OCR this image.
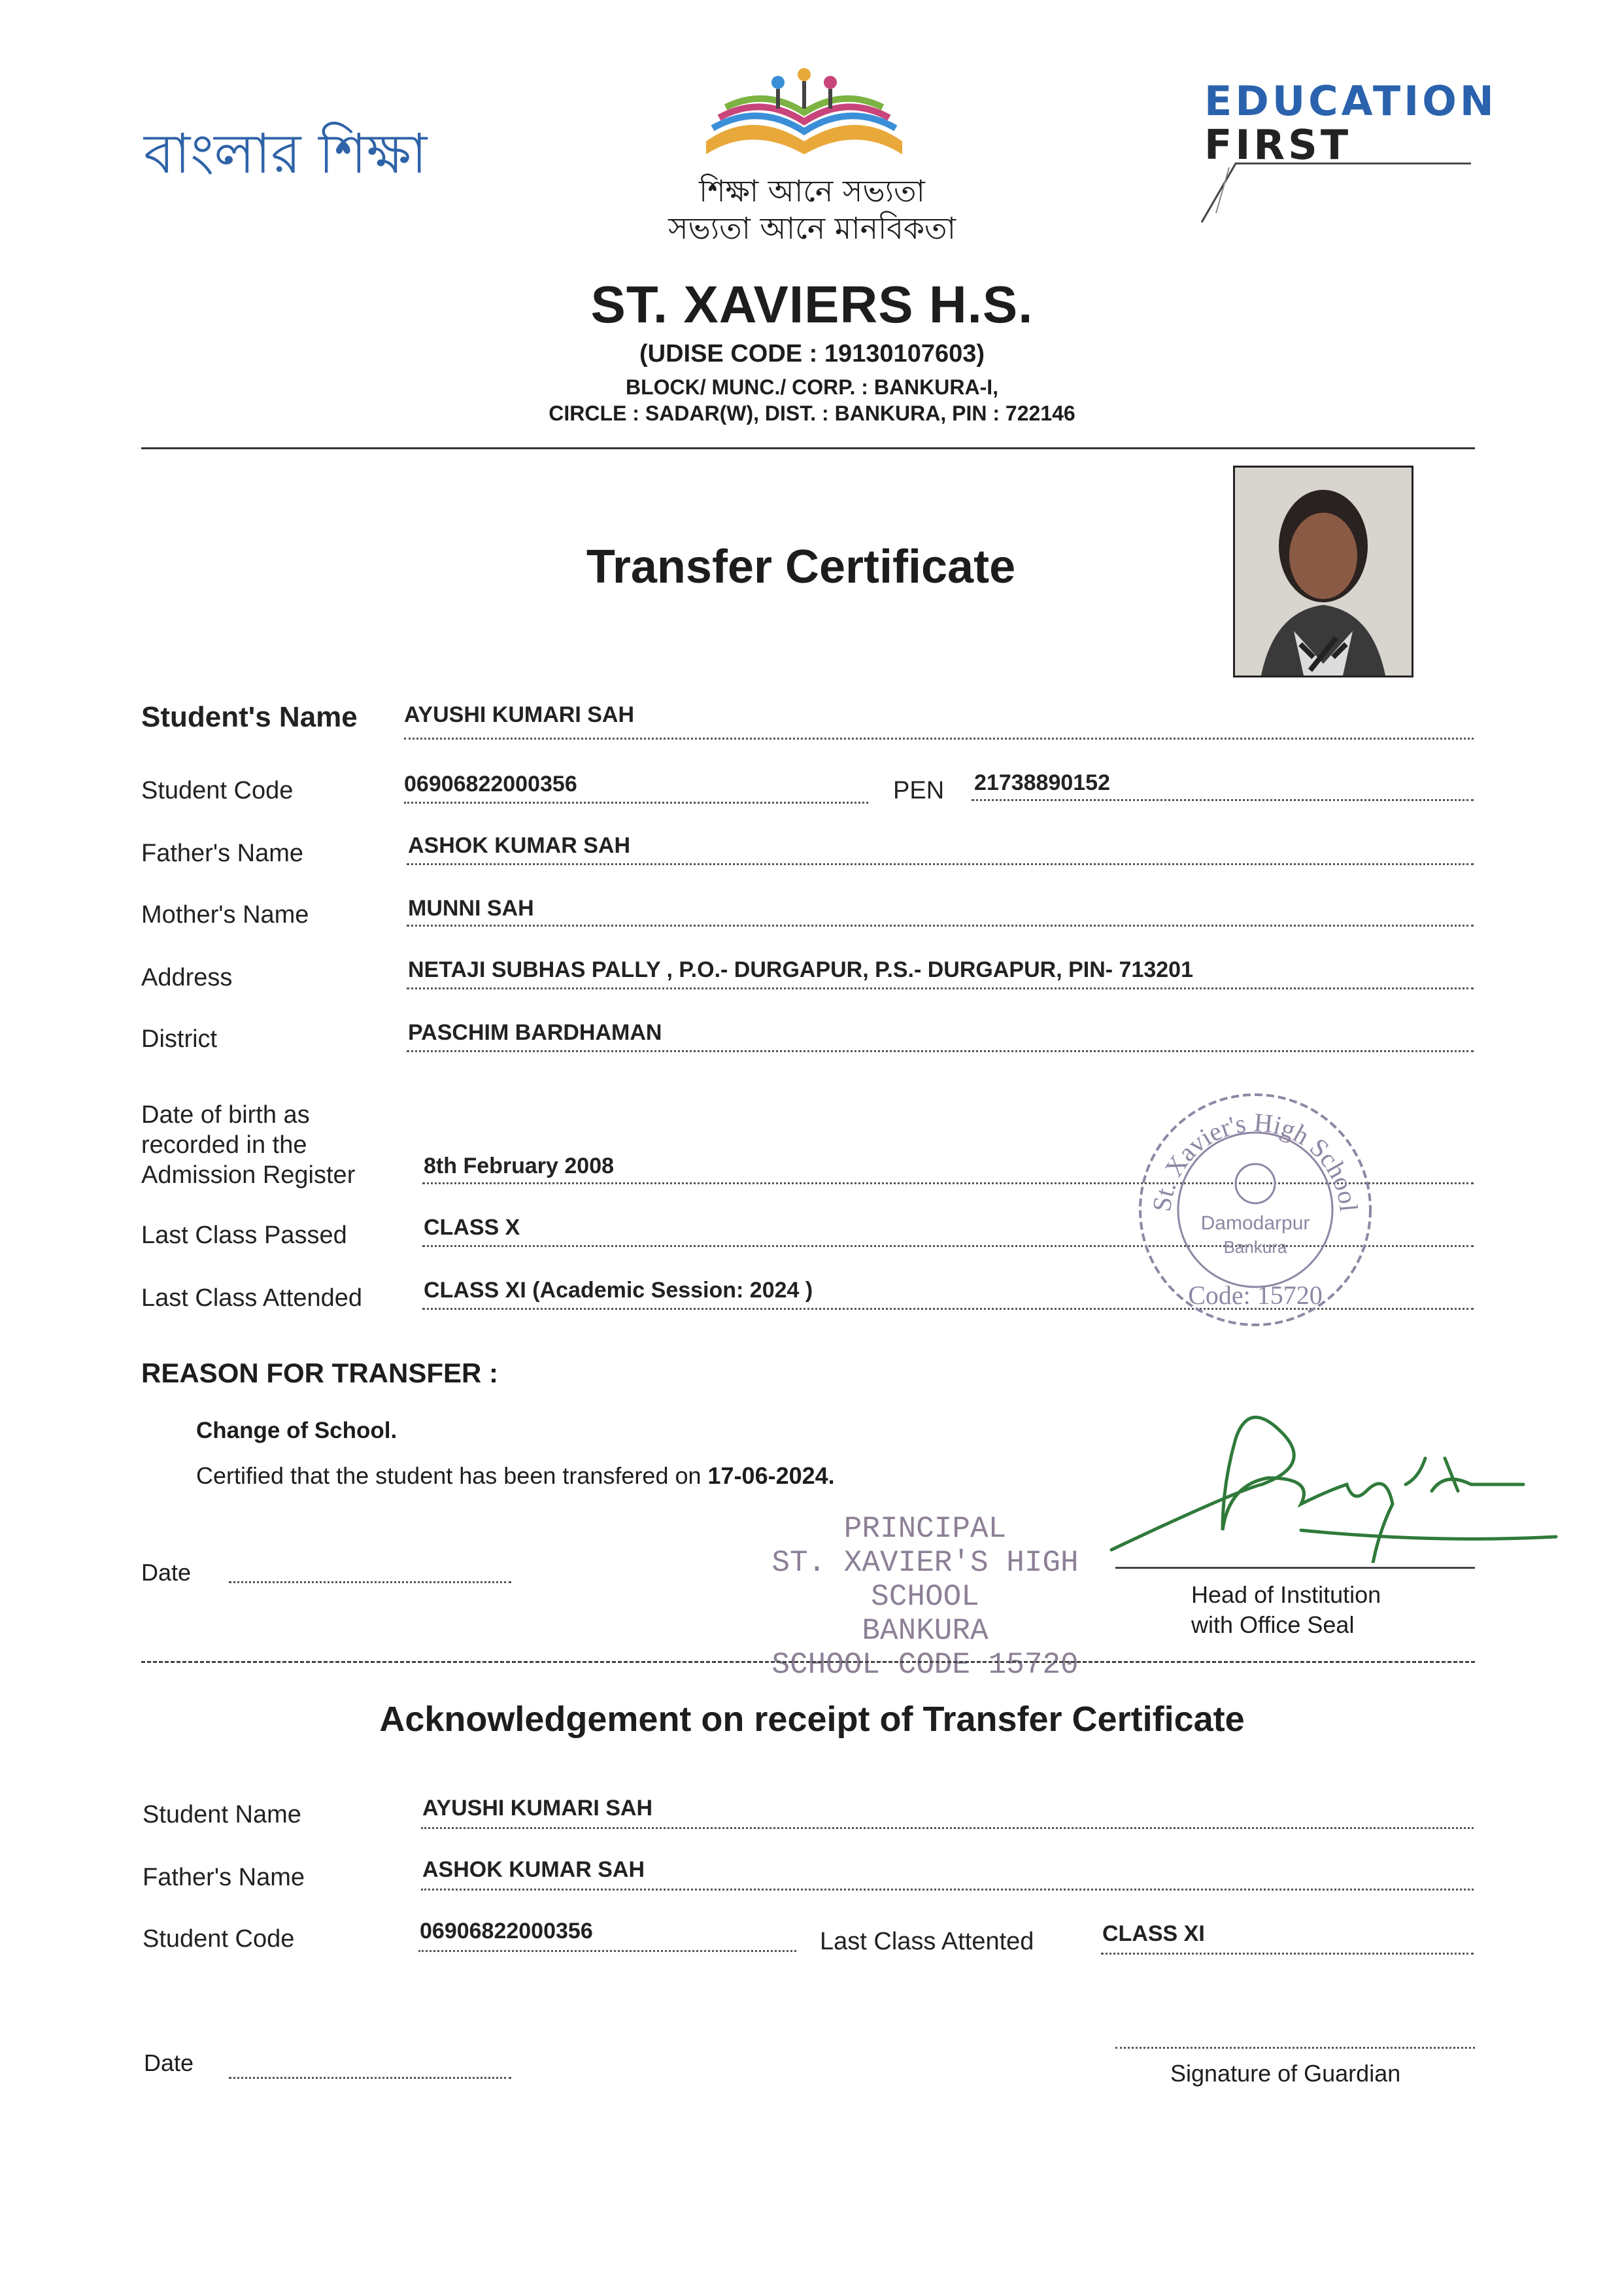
বাংলার শিক্ষা
শিক্ষা আনে সভ্যতা
সভ্যতা আনে মানবিকতা
EDUCATION
FIRST
ST. XAVIERS H.S.
(UDISE CODE : 19130107603)
BLOCK/ MUNC./ CORP. : BANKURA-I,
CIRCLE : SADAR(W), DIST. : BANKURA, PIN : 722146
Transfer Certificate
Student's Name AYUSHI KUMARI SAH
Student Code	06906822000356	PEN 21738890152
Father's Name	ASHOK KUMAR SAH
Mother's Name	MUNNI SAH
Address	NETAJI SUBHAS PALLY , P.O.- DURGAPUR, P.S.- DURGAPUR, PIN- 713201
District	PASCHIM BARDHAMAN
Date of birth as
recorded in the
Admission Register	8th February 2008
Last Class Passed	CLASS X
Last Class Attended	CLASS XI (Academic Session: 2024 )
St. Xavier's High School
Damodarpur
Bankura
Code: 15720
REASON FOR TRANSFER :
Change of School.
Certified that the student has been transfered on 17-06-2024.
Date
PRINCIPAL
ST. XAVIER'S HIGH SCHOOL
BANKURA
SCHOOL CODE 15720
Head of Institution
with Office Seal
Acknowledgement on receipt of Transfer Certificate
Student Name	AYUSHI KUMARI SAH
Father's Name	ASHOK KUMAR SAH
Student Code	06906822000356	Last Class Attented	CLASS XI
Date	Signature of Guardian
